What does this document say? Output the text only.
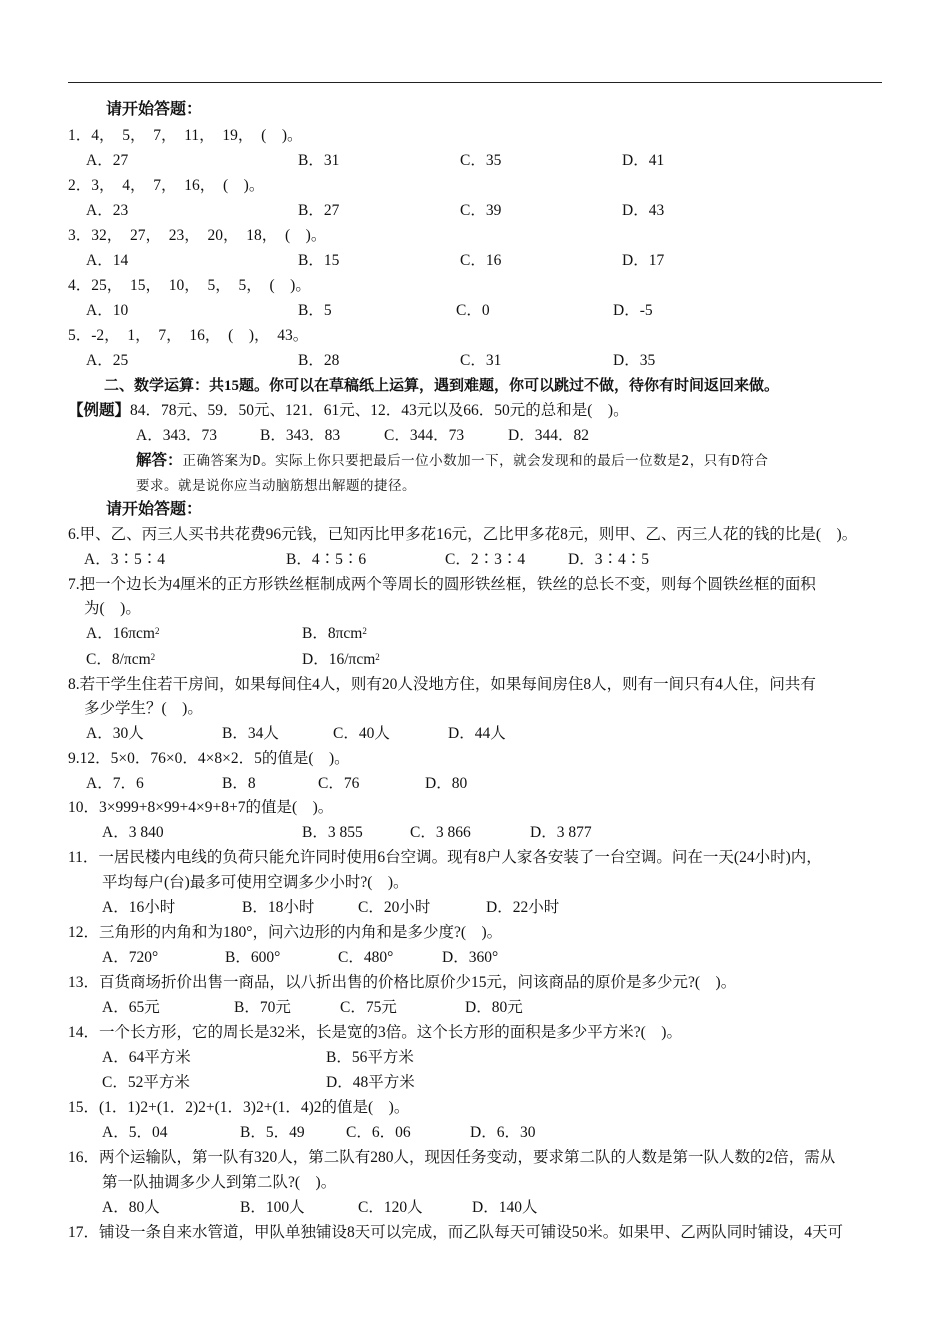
请开始答题：
1．4，　5，　7，　11，　19，　(　)。
A．27	B．31	C．35	D．41
2．3，　4，　7，　16，　(　)。
A．23	B．27	C．39	D．43
3．32，　27，　23，　20，　18，　(　)。
A．14	B．15	C．16	D．17
4．25，　15，　10，　5，　5，　(　)。
A．10	B．5	C．0	D．-5
5．-2，　1，　7，　16，　(　)，　43。
A．25	B．28	C．31	D．35
二、数学运算：共15题。你可以在草稿纸上运算，遇到难题，你可以跳过不做，待你有时间返回来做。
【例题】84．78元、59．50元、121．61元、12．43元以及66．50元的总和是(　)。
A．343．73	B．343．83	C．344．73	D．344．82
解答：正确答案为D。实际上你只要把最后一位小数加一下，就会发现和的最后一位数是2，只有D符合
要求。就是说你应当动脑筋想出解题的捷径。
请开始答题：
6.甲、乙、丙三人买书共花费96元钱，已知丙比甲多花16元，乙比甲多花8元，则甲、乙、丙三人花的钱的比是(　)。
A．3∶5∶4	B．4∶5∶6	C．2∶3∶4	D．3∶4∶5
7.把一个边长为4厘米的正方形铁丝框制成两个等周长的圆形铁丝框，铁丝的总长不变，则每个圆铁丝框的面积
为(　)。
A．16πcm$^2$	B．8πcm$^2$
C．8/πcm$^2$	D．16/πcm$^2$
8.若干学生住若干房间，如果每间住4人，则有20人没地方住，如果每间房住8人，则有一间只有4人住，问共有
多少学生？(　)。
A．30人	B．34人	C．40人	D．44人
9.12．5×0．76×0．4×8×2．5的值是(　)。
A．7．6	B．8	C．76	D．80
10．3×999+8×99+4×9+8+7的值是(　)。
A．3 840	B．3 855	C．3 866	D．3 877
11．一居民楼内电线的负荷只能允许同时使用6台空调。现有8户人家各安装了一台空调。问在一天(24小时)内，
平均每户(台)最多可使用空调多少小时?(　)。
A．16小时	B．18小时	C．20小时	D．22小时
12．三角形的内角和为180°，问六边形的内角和是多少度?(　)。
A．720°	B．600°	C．480°	D．360°
13．百货商场折价出售一商品，以八折出售的价格比原价少15元，问该商品的原价是多少元?(　)。
A．65元	B．70元	C．75元	D．80元
14．一个长方形，它的周长是32米，长是宽的3倍。这个长方形的面积是多少平方米?(　)。
A．64平方米	B．56平方米
C．52平方米	D．48平方米
15．(1．1)2+(1．2)2+(1．3)2+(1．4)2的值是(　)。
A．5．04	B．5．49	C．6．06	D．6．30
16．两个运输队，第一队有320人，第二队有280人，现因任务变动，要求第二队的人数是第一队人数的2倍，需从
第一队抽调多少人到第二队?(　)。
A．80人	B．100人	C．120人	D．140人
17．铺设一条自来水管道，甲队单独铺设8天可以完成，而乙队每天可铺设50米。如果甲、乙两队同时铺设，4天可
